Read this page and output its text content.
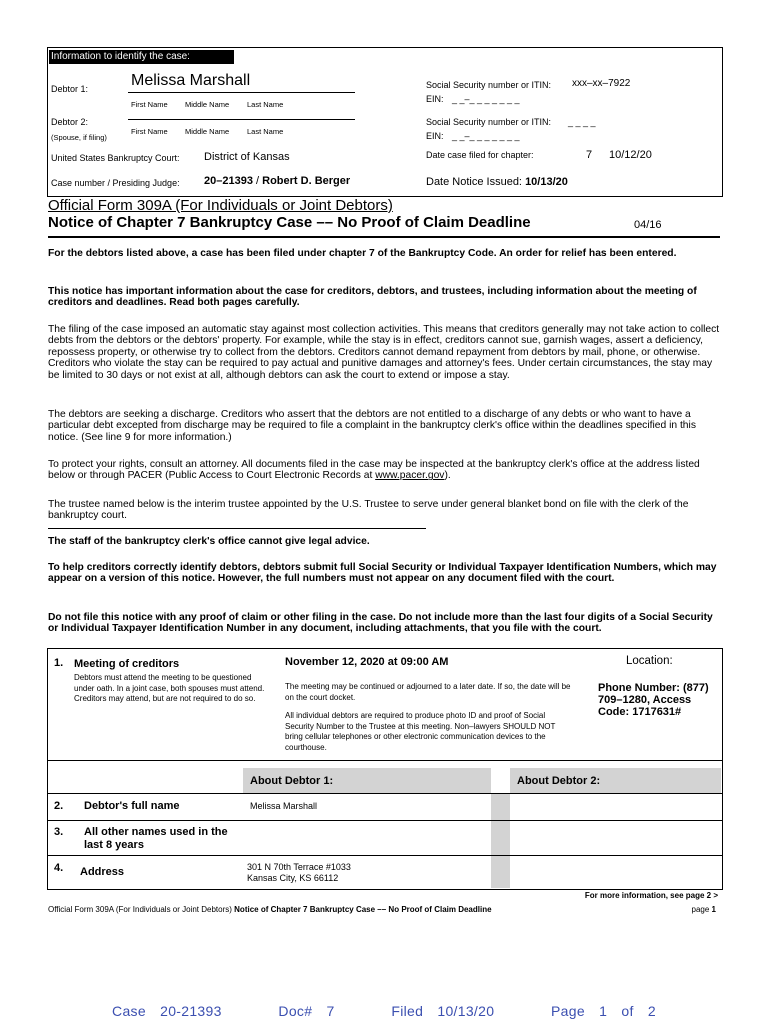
Information to identify the case:
Debtor 1:	Melissa Marshall
First Name Middle Name Last Name
Social Security number or ITIN: xxx–xx–7922
EIN: _ _–_ _ _ _ _ _ _
Debtor 2:
(Spouse, if filing)
First Name Middle Name Last Name
Social Security number or ITIN: _ _ _ _
EIN: _ _–_ _ _ _ _ _ _
United States Bankruptcy Court: District of Kansas	Date case filed for chapter:	7 10/12/20
Case number / Presiding Judge: 20–21393 / Robert D. Berger	Date Notice Issued: 10/13/20
Official Form 309A (For Individuals or Joint Debtors)
Notice of Chapter 7 Bankruptcy Case –– No Proof of Claim Deadline	04/16
For the debtors listed above, a case has been filed under chapter 7 of the Bankruptcy Code. An order for relief has been entered.
This notice has important information about the case for creditors, debtors, and trustees, including information about the meeting of creditors and deadlines. Read both pages carefully.
The filing of the case imposed an automatic stay against most collection activities. This means that creditors generally may not take action to collect debts from the debtors or the debtors' property. For example, while the stay is in effect, creditors cannot sue, garnish wages, assert a deficiency, repossess property, or otherwise try to collect from the debtors. Creditors cannot demand repayment from debtors by mail, phone, or otherwise. Creditors who violate the stay can be required to pay actual and punitive damages and attorney's fees. Under certain circumstances, the stay may be limited to 30 days or not exist at all, although debtors can ask the court to extend or impose a stay.
The debtors are seeking a discharge. Creditors who assert that the debtors are not entitled to a discharge of any debts or who want to have a particular debt excepted from discharge may be required to file a complaint in the bankruptcy clerk's office within the deadlines specified in this notice. (See line 9 for more information.)
To protect your rights, consult an attorney. All documents filed in the case may be inspected at the bankruptcy clerk's office at the address listed below or through PACER (Public Access to Court Electronic Records at www.pacer.gov).
The trustee named below is the interim trustee appointed by the U.S. Trustee to serve under general blanket bond on file with the clerk of the bankruptcy court.
The staff of the bankruptcy clerk's office cannot give legal advice.
To help creditors correctly identify debtors, debtors submit full Social Security or Individual Taxpayer Identification Numbers, which may appear on a version of this notice. However, the full numbers must not appear on any document filed with the court.
Do not file this notice with any proof of claim or other filing in the case. Do not include more than the last four digits of a Social Security or Individual Taxpayer Identification Number in any document, including attachments, that you file with the court.
1. Meeting of creditors
Debtors must attend the meeting to be questioned under oath. In a joint case, both spouses must attend. Creditors may attend, but are not required to do so.
November 12, 2020 at 09:00 AM
The meeting may be continued or adjourned to a later date. If so, the date will be on the court docket.
All individual debtors are required to produce photo ID and proof of Social Security Number to the Trustee at this meeting. Non–lawyers SHOULD NOT bring cellular telephones or other electronic communication devices to the courthouse.
Location:
Phone Number: (877) 709–1280, Access Code: 1717631#
About Debtor 1:	About Debtor 2:
2. Debtor's full name	Melissa Marshall
3. All other names used in the last 8 years
4. Address	301 N 70th Terrace #1033
Kansas City, KS 66112
For more information, see page 2 >
Official Form 309A (For Individuals or Joint Debtors) Notice of Chapter 7 Bankruptcy Case –– No Proof of Claim Deadline	page 1
Case 20-21393    Doc# 7    Filed 10/13/20    Page 1 of 2
